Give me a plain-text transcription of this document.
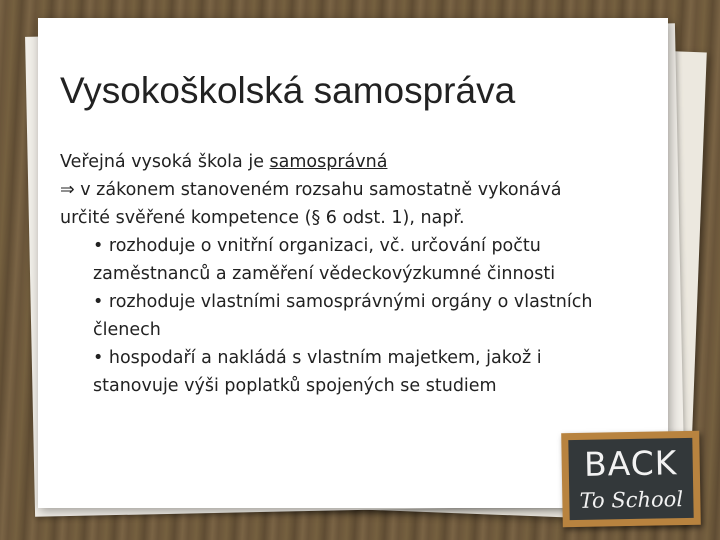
Vysokoškolská samospráva
Veřejná vysoká škola je samosprávná
⇒ v zákonem stanoveném rozsahu samostatně vykonává
určité svěřené kompetence (§ 6 odst. 1), např.
• rozhoduje o vnitřní organizaci, vč. určování počtu
zaměstnanců a zaměření vědeckovýzkumné činnosti
• rozhoduje vlastními samosprávnými orgány o vlastních
členech
• hospodaří a nakládá s vlastním majetkem, jakož i
stanovuje výši poplatků spojených se studiem
BACK
To School
